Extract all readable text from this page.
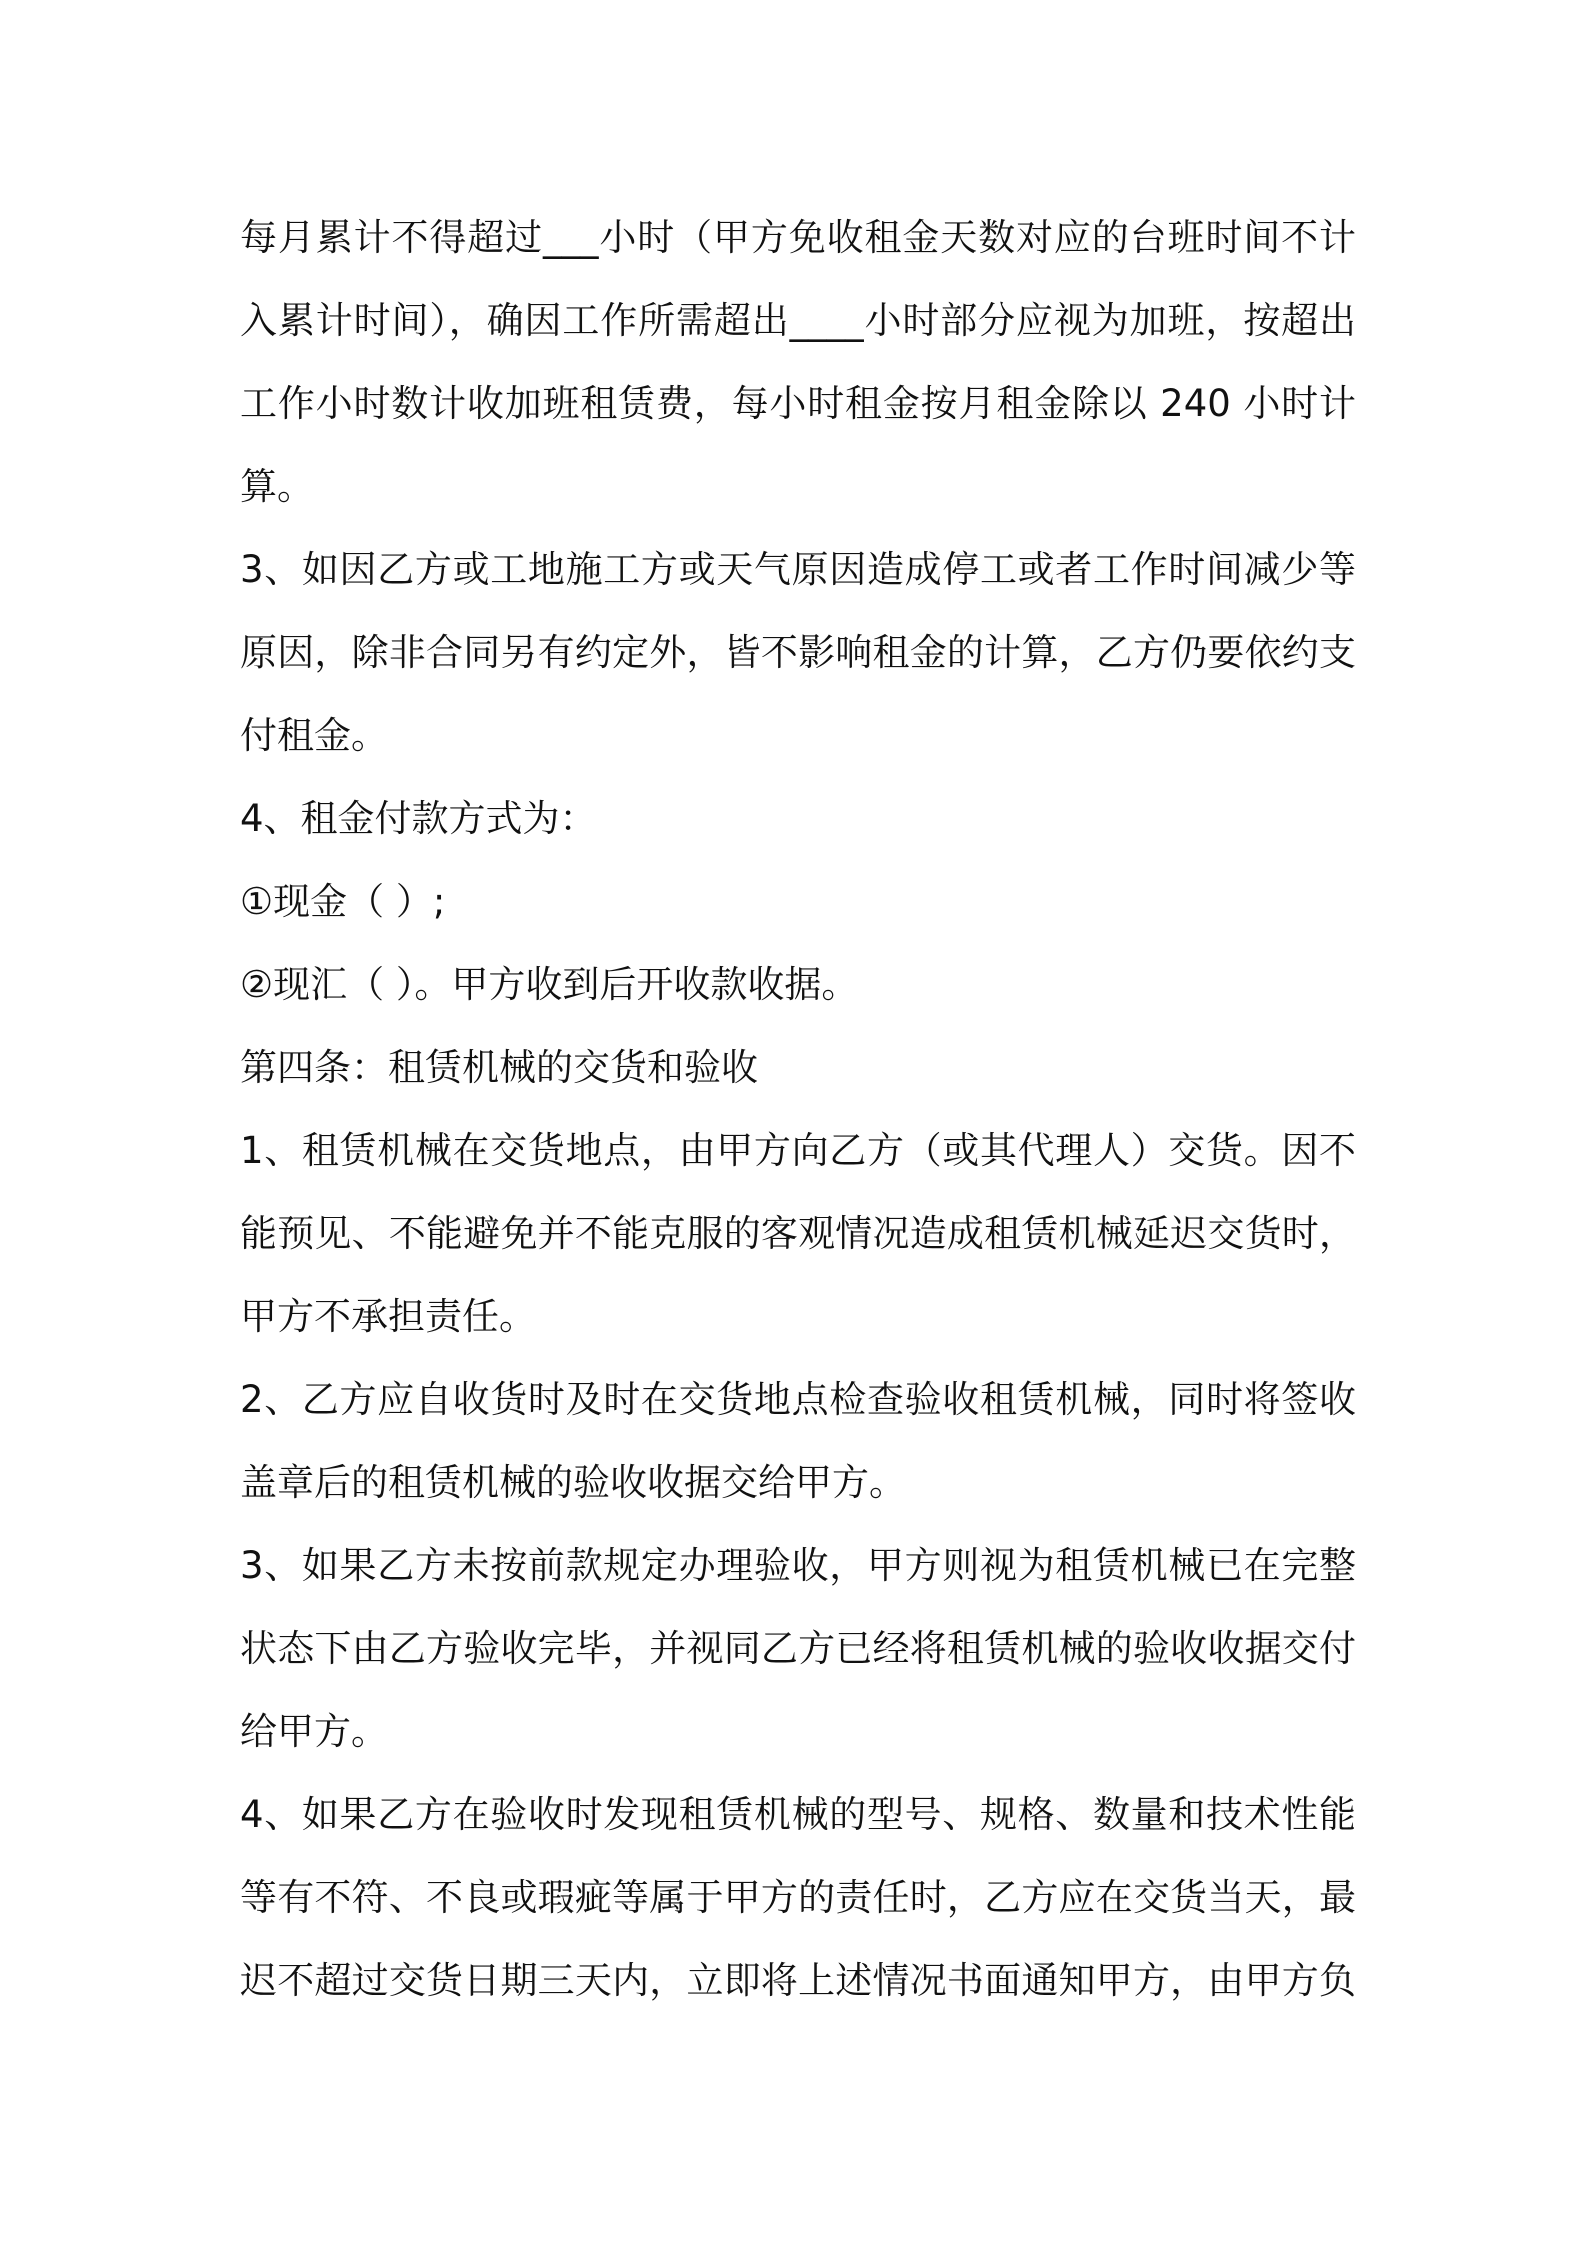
每月累计不得超过___小时（甲方免收租金天数对应的台班时间不计
入累计时间），确因工作所需超出____小时部分应视为加班，按超出
工作小时数计收加班租赁费，每小时租金按月租金除以 240 小时计
算。
3、如因乙方或工地施工方或天气原因造成停工或者工作时间减少等
原因，除非合同另有约定外，皆不影响租金的计算，乙方仍要依约支
付租金。
4、租金付款方式为：
①现金（ ）;
②现汇（ ）。甲方收到后开收款收据。
第四条：租赁机械的交货和验收
1、租赁机械在交货地点，由甲方向乙方（或其代理人）交货。因不
能预见、不能避免并不能克服的客观情况造成租赁机械延迟交货时，
甲方不承担责任。
2、乙方应自收货时及时在交货地点检查验收租赁机械，同时将签收
盖章后的租赁机械的验收收据交给甲方。
3、如果乙方未按前款规定办理验收，甲方则视为租赁机械已在完整
状态下由乙方验收完毕，并视同乙方已经将租赁机械的验收收据交付
给甲方。
4、如果乙方在验收时发现租赁机械的型号、规格、数量和技术性能
等有不符、不良或瑕疵等属于甲方的责任时，乙方应在交货当天，最
迟不超过交货日期三天内，立即将上述情况书面通知甲方，由甲方负
